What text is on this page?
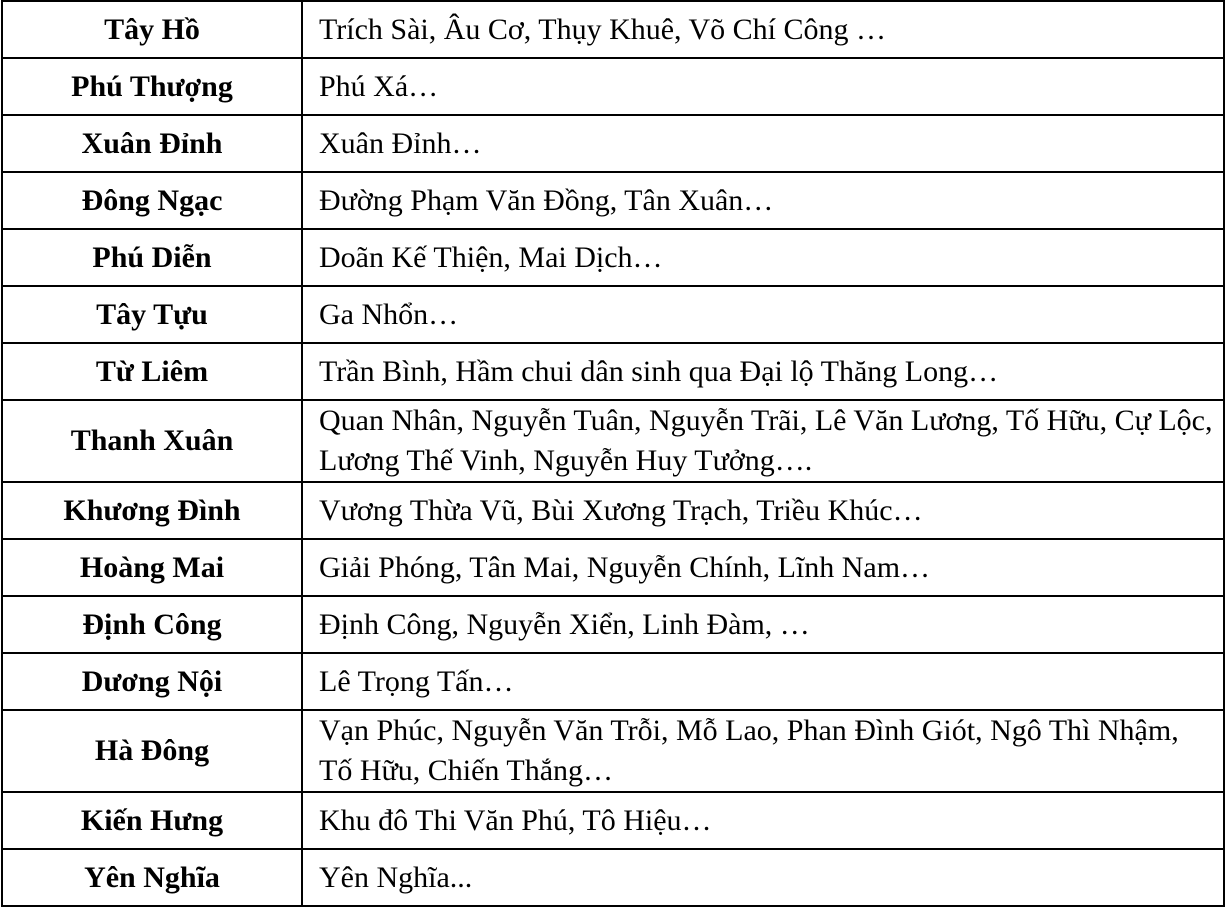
Tây Hồ	Trích Sài, Âu Cơ, Thụy Khuê, Võ Chí Công …
Phú Thượng	Phú Xá…
Xuân Đỉnh	Xuân Đỉnh…
Đông Ngạc	Đường Phạm Văn Đồng, Tân Xuân…
Phú Diễn	Doãn Kế Thiện, Mai Dịch…
Tây Tựu	Ga Nhổn…
Từ Liêm	Trần Bình, Hầm chui dân sinh qua Đại lộ Thăng Long…
Thanh Xuân	Quan Nhân, Nguyễn Tuân, Nguyễn Trãi, Lê Văn Lương, Tố Hữu, Cự Lộc, Lương Thế Vinh, Nguyễn Huy Tưởng….
Khương Đình	Vương Thừa Vũ, Bùi Xương Trạch, Triều Khúc…
Hoàng Mai	Giải Phóng, Tân Mai, Nguyễn Chính, Lĩnh Nam…
Định Công	Định Công, Nguyễn Xiển, Linh Đàm, …
Dương Nội	Lê Trọng Tấn…
Hà Đông	Vạn Phúc, Nguyễn Văn Trỗi, Mỗ Lao, Phan Đình Giót, Ngô Thì Nhậm, Tố Hữu, Chiến Thắng…
Kiến Hưng	Khu đô Thi Văn Phú, Tô Hiệu…
Yên Nghĩa	Yên Nghĩa...
